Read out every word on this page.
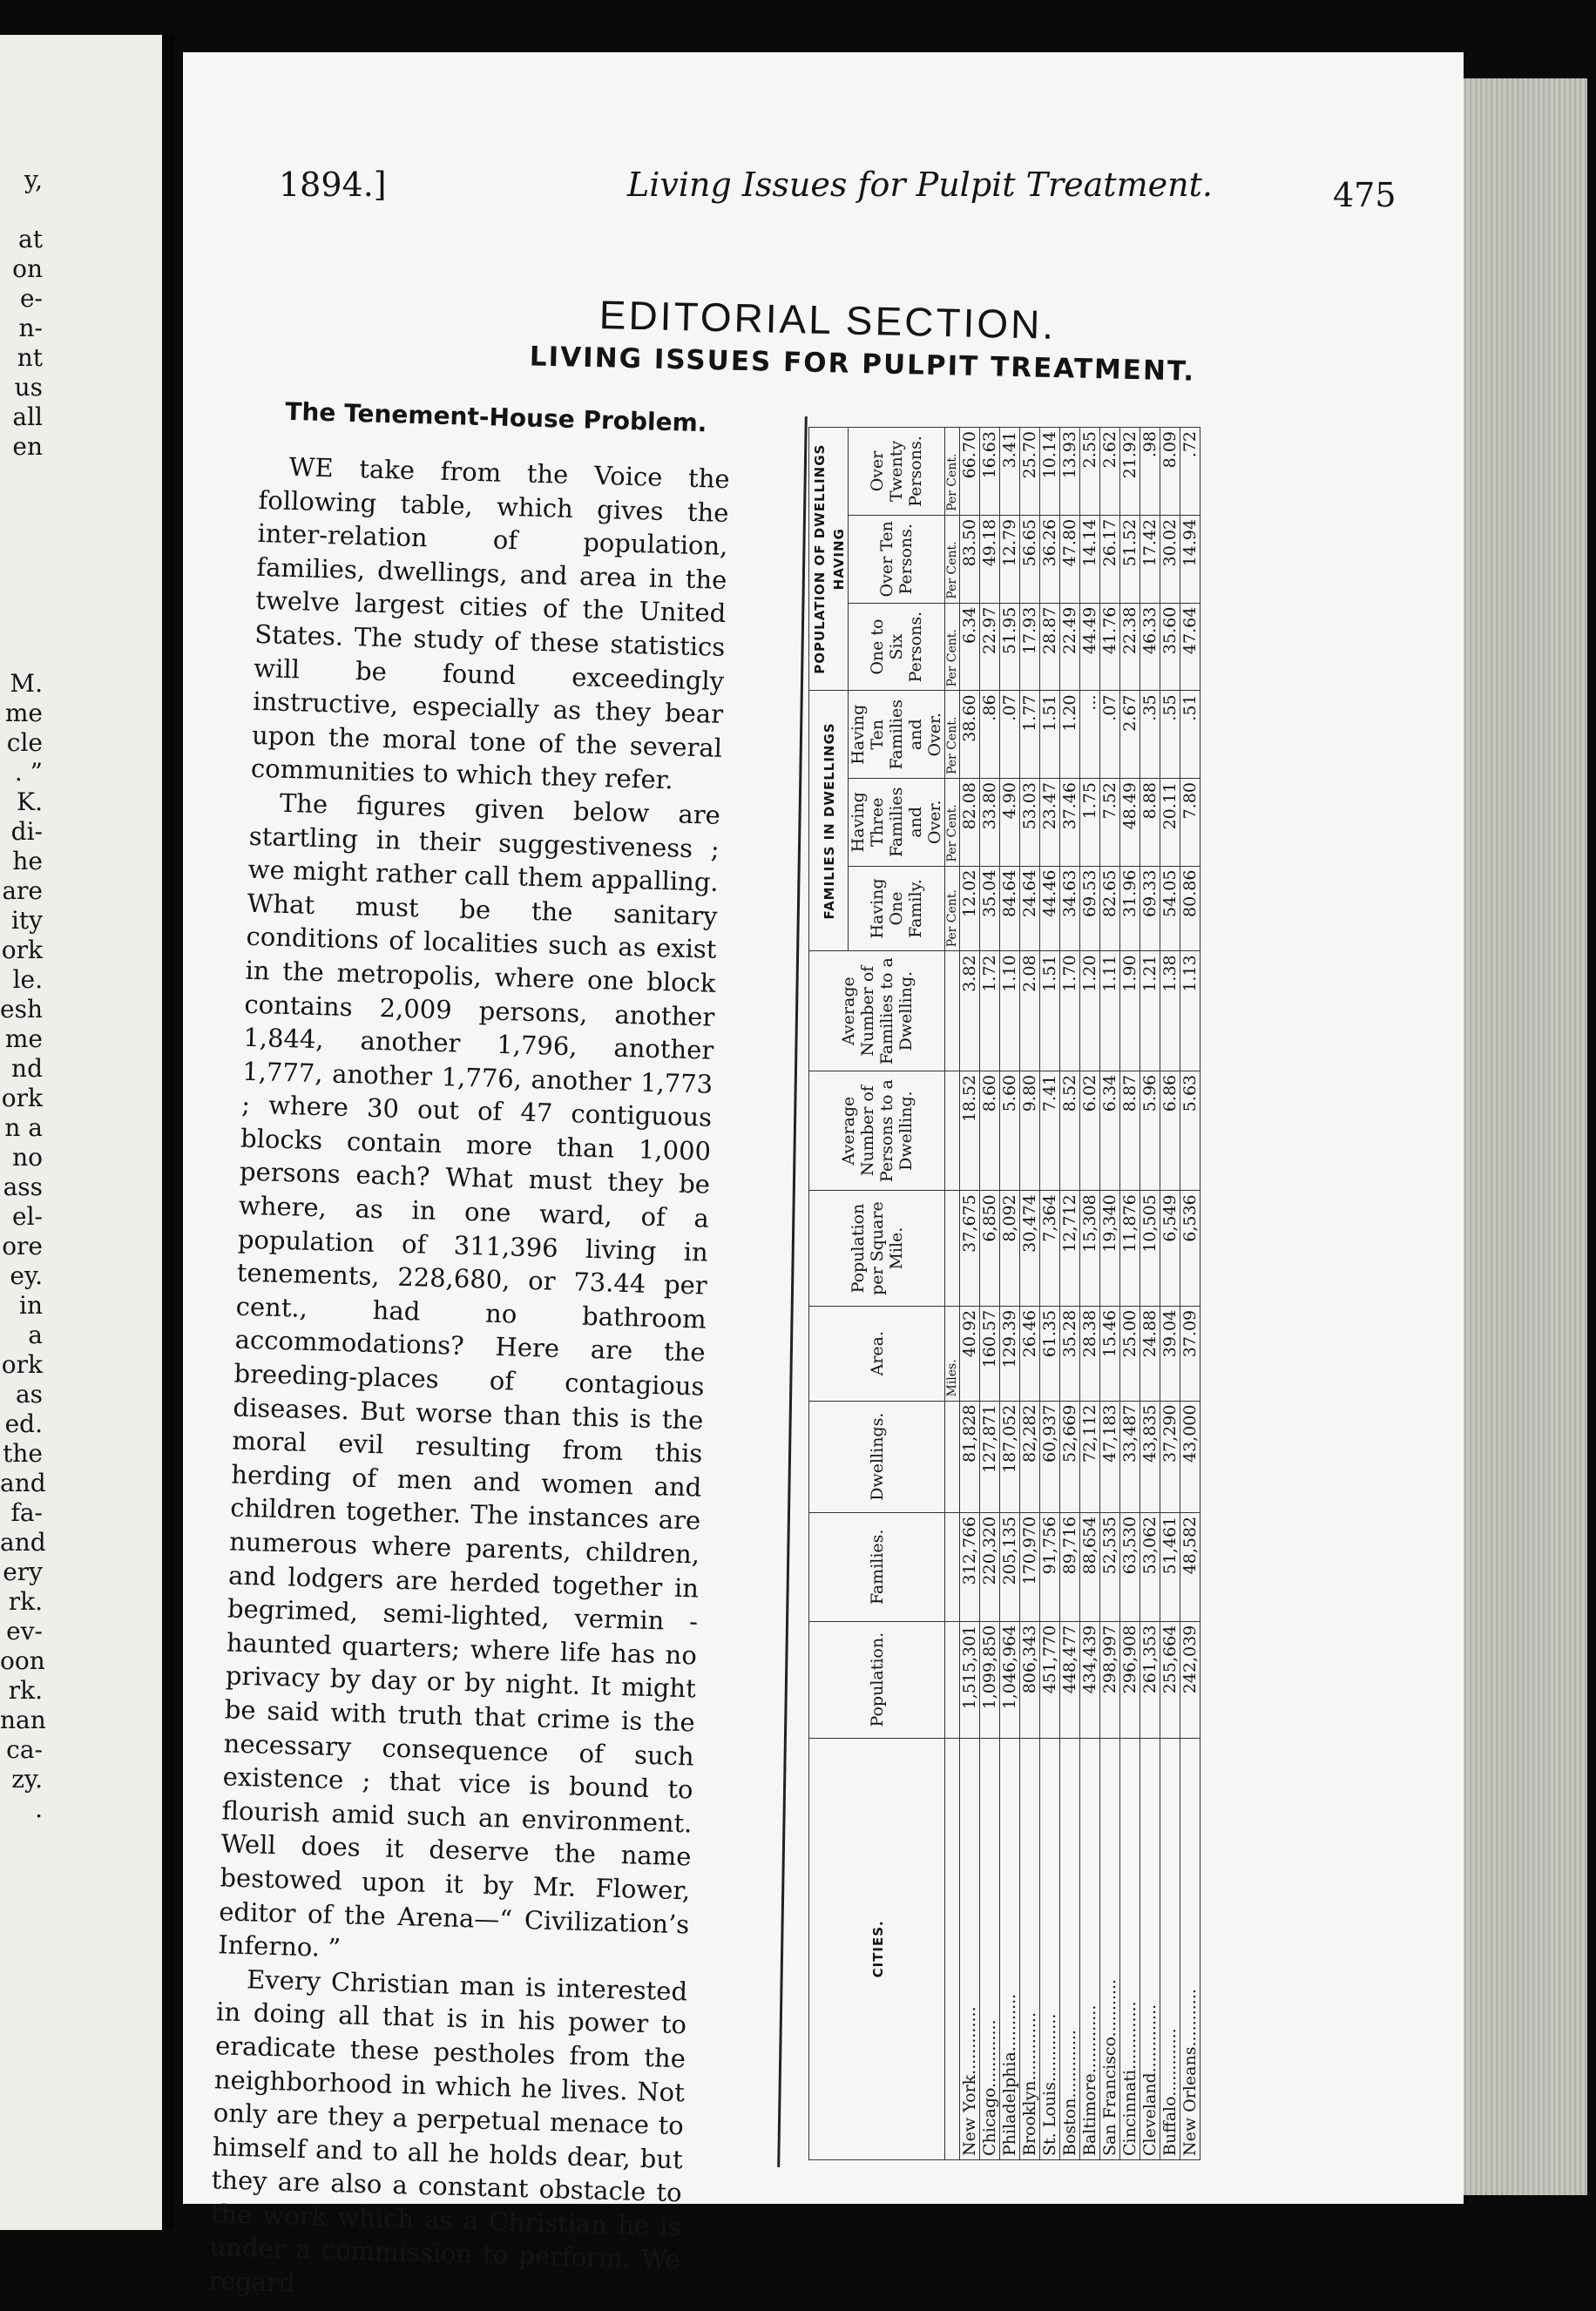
y,
at
on
e-
n-
nt
us
all
en
M.
me
cle
. ”
K.
di-
he
are
ity
ork
le.
esh
me
nd
ork
n a
no
ass
el-
ore
ey.
in
a
ork
as
ed.
the
and
fa-
and
ery
rk.
ev-
oon
rk.
nan
ca-
zy.
.
1894.]	Living Issues for Pulpit Treatment.	475
EDITORIAL SECTION.
LIVING ISSUES FOR PULPIT TREATMENT.
The Tenement-House Problem.

WE take from the Voice the following table, which gives the inter-relation of population, families, dwellings, and area in the twelve largest cities of the United States. The study of these statistics will be found exceedingly instructive, especially as they bear upon the moral tone of the several communities to which they refer.

The figures given below are startling in their suggestiveness ; we might rather call them appalling. What must be the sanitary conditions of localities such as exist in the metropolis, where one block contains 2,009 persons, another 1,844, another 1,796, another 1,777, another 1,776, another 1,773 ; where 30 out of 47 contiguous blocks contain more than 1,000 persons each? What must they be where, as in one ward, of a population of 311,396 living in tenements, 228,680, or 73.44 per cent., had no bathroom accommodations? Here are the breeding-places of contagious diseases. But worse than this is the moral evil resulting from this herding of men and women and children together. The instances are numerous where parents, children, and lodgers are herded together in begrimed, semi-lighted, vermin - haunted quarters; where life has no privacy by day or by night. It might be said with truth that crime is the necessary consequence of such existence ; that vice is bound to flourish amid such an environment. Well does it deserve the name bestowed upon it by Mr. Flower, editor of the Arena—“ Civilization’s Inferno. ”

Every Christian man is interested in doing all that is in his power to eradicate these pestholes from the neighborhood in which he lives. Not only are they a perpetual menace to himself and to all he holds dear, but they are also a constant obstacle to the work which as a Christian he is under a commission to perform. We regard

CITIES.	Population.	Families.	Dwellings.	Area.	Population per Square Mile.	Average Number of Persons to a Dwelling.	Average Number of Families to a Dwelling.	FAMILIES IN DWELLINGS			POPULATION OF DWELLINGS HAVING		
								Having One Family.	Having Three Families and Over.	Having Ten Families and Over.	One to Six Persons.	Over Ten Persons.	Over Twenty Persons.
				Miles.				Per Cent.	Per Cent.	Per Cent.	Per Cent.	Per Cent.	Per Cent.
New York.............	1,515,301	312,766	81,828	40.92	37,675	18.52	3.82	12.02	82.08	38.60	6.34	83.50	66.70
Chicago.............	1,099,850	220,320	127,871	160.57	6,850	8.60	1.72	35.04	33.80	.86	22.97	49.18	16.63
Philadelphia...........	1,046,964	205,135	187,052	129.39	8,092	5.60	1.10	84.64	4.90	.07	51.95	12.79	3.41
Brooklyn.............	806,343	170,970	82,282	26.46	30,474	9.80	2.08	24.64	53.03	1.77	17.93	56.65	25.70
St. Louis.............	451,770	91,756	60,937	61.35	7,364	7.41	1.51	44.46	23.47	1.51	28.87	36.26	10.14
Boston.............	448,477	89,716	52,669	35.28	12,712	8.52	1.70	34.63	37.46	1.20	22.49	47.80	13.93
Baltimore.............	434,439	88,654	72,112	28.38	15,308	6.02	1.20	69.53	1.75	...	44.49	14.14	2.55
San Francisco...........	298,997	52,535	47,183	15.46	19,340	6.34	1.11	82.65	7.52	.07	41.76	26.17	2.62
Cincinnati.............	296,908	63,530	33,487	25.00	11,876	8.87	1.90	31.96	48.49	2.67	22.38	51.52	21.92
Cleveland.............	261,353	53,062	43,835	24.88	10,505	5.96	1.21	69.33	8.88	.35	46.33	17.42	.98
Buffalo.............	255,664	51,461	37,290	39.04	6,549	6.86	1.38	54.05	20.11	.55	35.60	30.02	8.09
New Orleans...........	242,039	48,582	43,000	37.09	6,536	5.63	1.13	80.86	7.80	.51	47.64	14.94	.72
